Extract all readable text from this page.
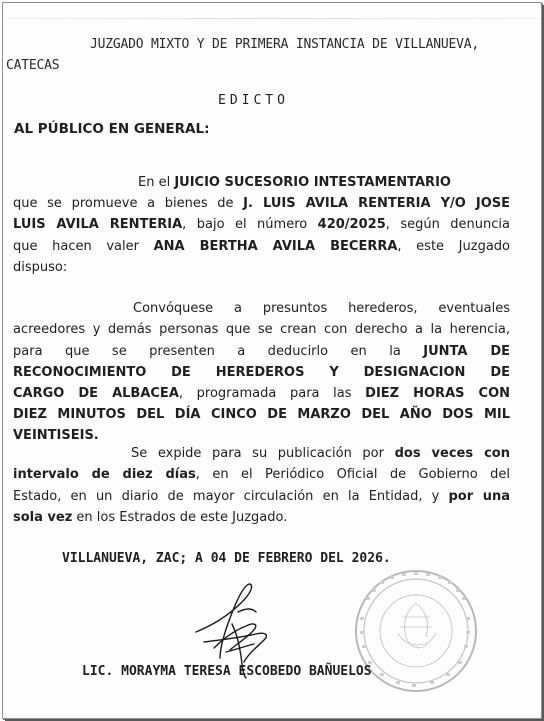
JUZGADO MIXTO Y DE PRIMERA INSTANCIA DE VILLANUEVA,
CATECAS
EDICTO
AL PÚBLICO EN GENERAL:
En el JUICIO SUCESORIO INTESTAMENTARIO
que se promueve a bienes de J. LUIS AVILA RENTERIA Y/O JOSE
LUIS AVILA RENTERIA, bajo el número 420/2025, según denuncia
que hacen valer ANA BERTHA AVILA BECERRA, este Juzgado
dispuso:
Convóquese a presuntos herederos, eventuales
acreedores y demás personas que se crean con derecho a la herencia,
para que se presenten a deducirlo en la JUNTA DE
RECONOCIMIENTO DE HEREDEROS Y DESIGNACION DE
CARGO DE ALBACEA, programada para las DIEZ HORAS CON
DIEZ MINUTOS DEL DÍA CINCO DE MARZO DEL AÑO DOS MIL
VEINTISEIS.
Se expide para su publicación por dos veces con
intervalo de diez días, en el Periódico Oficial de Gobierno del
Estado, en un diario de mayor circulación en la Entidad, y por una
sola vez en los Estrados de este Juzgado.
VILLANUEVA, ZAC; A 04 DE FEBRERO DEL 2026.
LIC. MORAYMA TERESA ESCOBEDO BAÑUELOS
